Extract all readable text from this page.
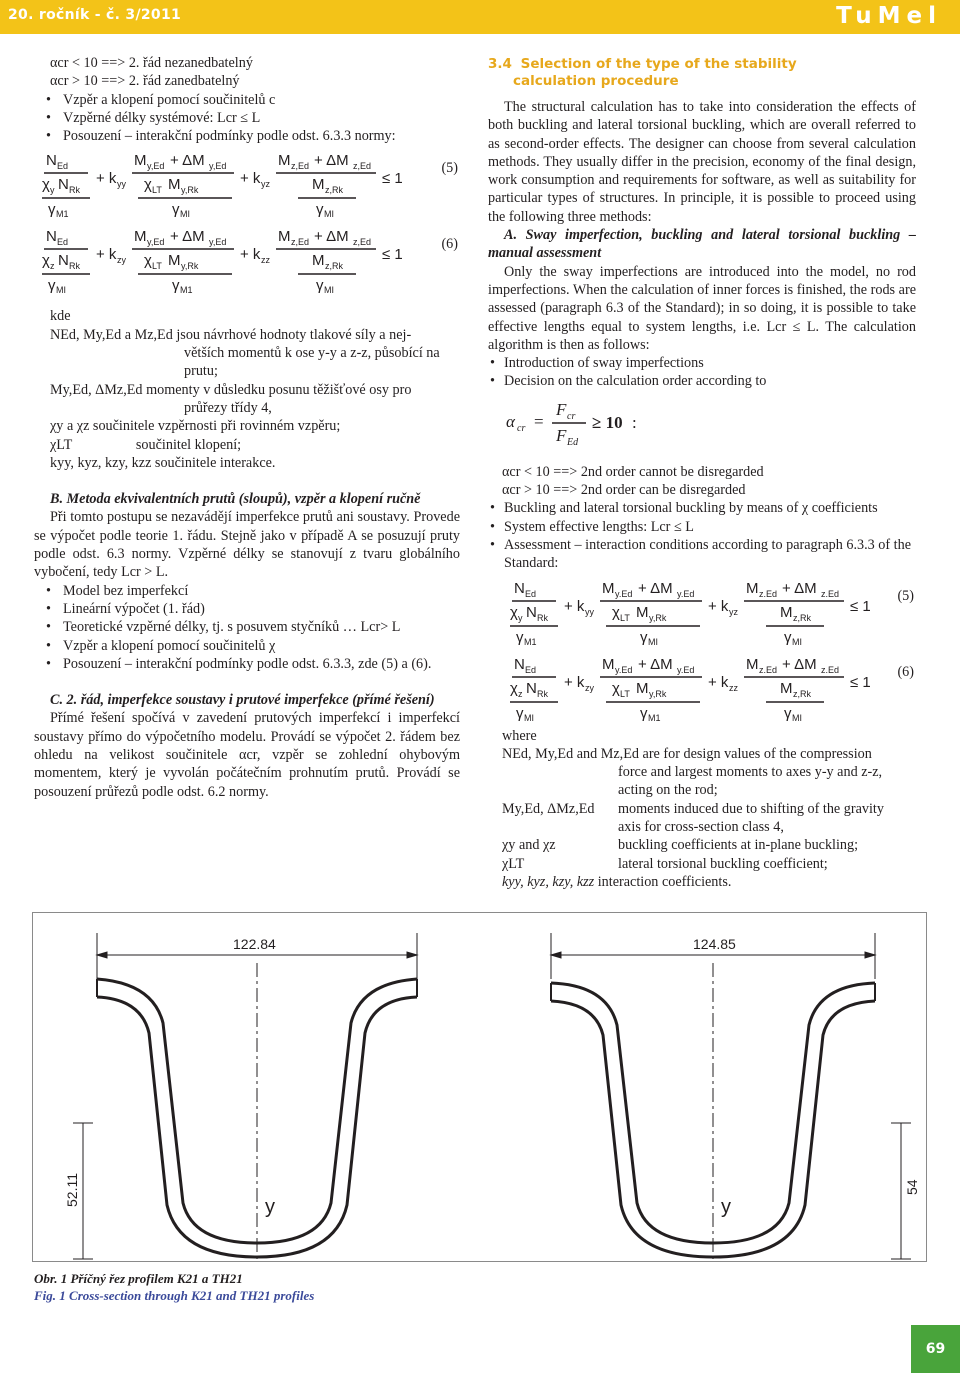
20. ročník - č. 3/2011	TuMel

αcr < 10 ==> 2. řád nezanedbatelný

αcr > 10 ==> 2. řád zanedbatelný

• Vzpěr a klopení pomocí součinitelů c
• Vzpěrné délky systémové: Lcr ≤ L
• Posouzení – interakční podmínky podle odst. 6.3.3 normy:
N Ed
χ y N Rk
γ M1
+ k yy
M y,Ed + ΔM y,Ed
χ LT M y,Rk
γ MI
+ k yz
M z,Ed + ΔM z,Ed
M z,Rk
γ MI
≤ 1
(5)
N Ed
χ z N Rk
γ MI
+ k zy
M y,Ed + ΔM y,Ed
χ LT M y,Rk
γ M1
+ k zz
M z,Ed + ΔM z,Ed
M z,Rk
γ MI
≤ 1
(6)

kde

NEd, My,Ed a Mz,Ed jsou návrhové hodnoty tlakové síly a nej-

větších momentů k ose y-y a z-z, působící na

prutu;

My,Ed, ΔMz,Ed momenty v důsledku posunu těžišťové osy pro

průřezy třídy 4,

χy a χz součinitele vzpěrnosti při rovinném vzpěru;

χLT                  součinitel klopení;

kyy, kyz, kzy, kzz součinitele interakce.

B. Metoda ekvivalentních prutů (sloupů), vzpěr a klopení ručně

Při tomto postupu se nezavádějí imperfekce prutů ani soustavy. Provede se výpočet podle teorie 1. řádu. Stejně jako v případě A se posuzují pruty podle odst. 6.3 normy. Vzpěrné délky se stanovují z tvaru globálního vybočení, tedy Lcr > L.

• Model bez imperfekcí
• Lineární výpočet (1. řád)
• Teoretické vzpěrné délky, tj. s posuvem styčníků … Lcr> L
• Vzpěr a klopení pomocí součinitelů χ
• Posouzení – interakční podmínky podle odst. 6.3.3, zde (5) a (6).

C. 2. řád, imperfekce soustavy i prutové imperfekce (přímé řešení)

Přímé řešení spočívá v zavedení prutových imperfekcí i imperfekcí soustavy přímo do výpočetního modelu. Provádí se výpočet 2. řádem bez ohledu na velikost součinitele αcr, vzpěr se zohlední ohybovým momentem, který je vyvolán počátečním prohnutím prutů. Provádí se posouzení průřezů podle odst. 6.2 normy.

3.4 Selection of the type of the stability
calculation procedure

The structural calculation has to take into consideration the effects of both buckling and lateral torsional buckling, which are overall referred to as second-order effects. The designer can choose from several calculation methods. They usually differ in the precision, economy of the final design, work consumption and requirements for software, as well as suitability for particular types of structures. In principle, it is possible to proceed using the following three methods:

A. Sway imperfection, buckling and lateral torsional buckling – manual assessment

Only the sway imperfections are introduced into the model, no rod imperfections. When the calculation of inner forces is finished, the rods are assessed (paragraph 6.3 of the Standard); in so doing, it is possible to take effective lengths equal to system lengths, i.e. Lcr ≤ L. The calculation algorithm is then as follows:

• Introduction of sway imperfections
• Decision on the calculation order according to
α cr =
F cr
F Ed
≥ 10 :

αcr < 10 ==> 2nd order cannot be disregarded

αcr > 10 ==> 2nd order can be disregarded

• Buckling and lateral torsional buckling by means of χ coefficients
• System effective lengths: Lcr ≤ L
• Assessment – interaction conditions according to paragraph 6.3.3 of the Standard:
N Ed
χ y N Rk
γ M1
+ k yy
M y.Ed + ΔM y.Ed
χ LT M y,Rk
γ MI
+ k yz
M z.Ed + ΔM z.Ed
M z,Rk
γ MI
≤ 1
(5)
N Ed
χ z N Rk
γ MI
+ k zy
M y.Ed + ΔM y.Ed
χ LT M y,Rk
γ M1
+ k zz
M z.Ed + ΔM z.Ed
M z,Rk
γ MI
≤ 1
(6)

where

NEd, My,Ed and Mz,Ed are for design values of the compression

force and largest moments to axes y-y and z-z,

acting on the rod;

My,Ed, ΔMz,Ed moments induced due to shifting of the gravity

axis for cross-section class 4,

χy and χz	buckling coefficients at in-plane buckling;
χLT	lateral torsional buckling coefficient;
kyy, kyz, kzy, kzz interaction coefficients.
122.84	124.85
y	y
52.11	54
Obr. 1 Příčný řez profilem K21 a TH21
Fig. 1 Cross-section through K21 and TH21 profiles
69
